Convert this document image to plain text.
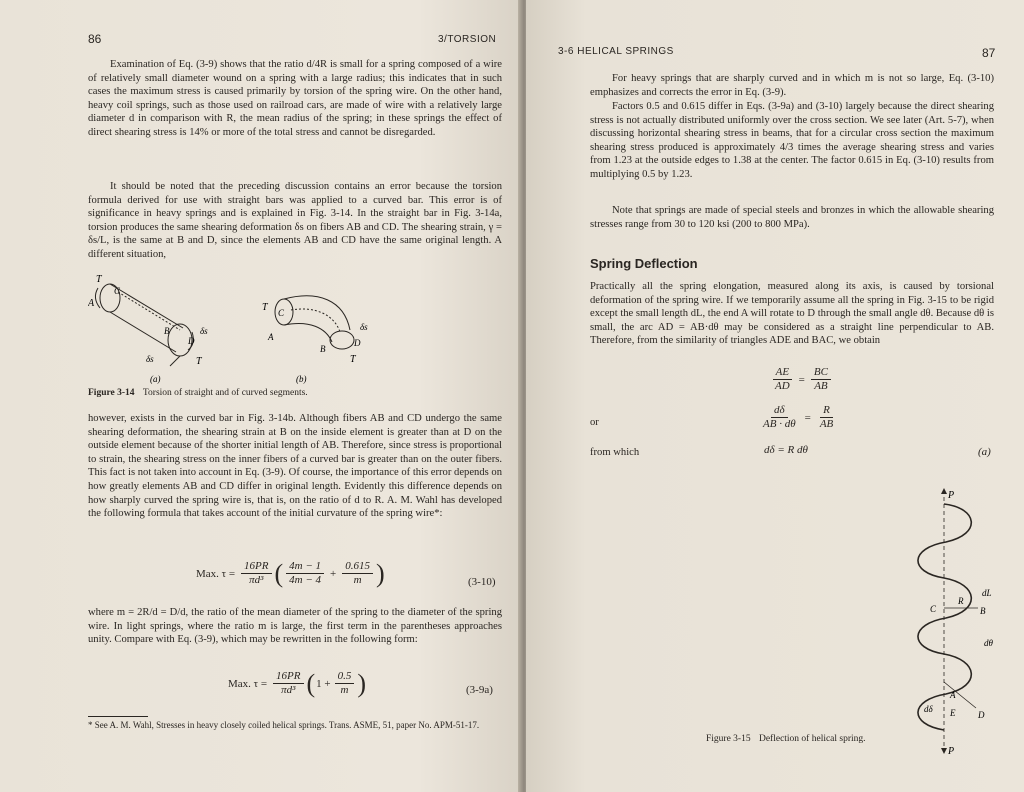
86	3/TORSION

Examination of Eq. (3-9) shows that the ratio d/4R is small for a spring composed of a wire of relatively small diameter wound on a spring with a large radius; this indicates that in such cases the maximum stress is caused primarily by torsion of the spring wire. On the other hand, heavy coil springs, such as those used on railroad cars, are made of wire with a relatively large diameter d in comparison with R, the mean radius of the spring; in these springs the effect of direct shearing stress is 14% or more of the total stress and cannot be disregarded.

It should be noted that the preceding discussion contains an error because the torsion formula derived for use with straight bars was applied to a curved bar. This error is of significance in heavy springs and is explained in Fig. 3-14. In the straight bar in Fig. 3-14a, torsion produces the same shearing deformation δs on fibers AB and CD. The shearing strain, γ = δs/L, is the same at B and D, since the elements AB and CD have the same original length. A different situation,

T
A
C
B
D
T
δs
δs
T C
A
B
D
T
δs
(a)	(b)
Figure 3-14 Torsion of straight and of curved segments.

however, exists in the curved bar in Fig. 3-14b. Although fibers AB and CD undergo the same shearing deformation, the shearing strain at B on the inside element is greater than at D on the outside element because of the shorter initial length of AB. Therefore, since stress is proportional to strain, the shearing stress on the inner fibers of a curved bar is greater than on the outer fibers. This fact is not taken into account in Eq. (3-9). Of course, the importance of this error depends on how greatly elements AB and CD differ in original length. Evidently this difference depends on how sharply curved the spring wire is, that is, on the ratio of d to R. A. M. Wahl has developed the following formula that takes account of the initial curvature of the spring wire*:

Max. $\tau = \frac{16PR}{\text{πd³}}$ ( $\frac{4m - 1}{4m - 4} + \frac{0.615}{m}$ )	(3-10)

where m = 2R/d = D/d, the ratio of the mean diameter of the spring to the diameter of the spring wire. In light springs, where the ratio m is large, the first term in the parentheses approaches unity. Compare with Eq. (3-9), which may be rewritten in the following form:

Max. $\tau = \frac{16PR}{\text{πd³}}$ ( $1 + \frac{0.5}{m}$ )	(3-9a)

* See A. M. Wahl, Stresses in heavy closely coiled helical springs. Trans. ASME, 51, paper No. APM-51-17.

3-6 HELICAL SPRINGS	87

For heavy springs that are sharply curved and in which m is not so large, Eq. (3-10) emphasizes and corrects the error in Eq. (3-9).

Factors 0.5 and 0.615 differ in Eqs. (3-9a) and (3-10) largely because the direct shearing stress is not actually distributed uniformly over the cross section. We see later (Art. 5-7), when discussing horizontal shearing stress in beams, that for a circular cross section the maximum shearing stress produced is approximately 4/3 times the average shearing stress and varies from 1.23 at the outside edges to 1.38 at the center. The factor 0.615 in Eq. (3-10) results from multiplying 0.5 by 1.23.

Note that springs are made of special steels and bronzes in which the allowable shearing stresses range from 30 to 120 ksi (200 to 800 MPa).

Spring Deflection

Practically all the spring elongation, measured along its axis, is caused by torsional deformation of the spring wire. If we temporarily assume all the spring in Fig. 3-15 to be rigid except the small length dL, the end A will rotate to D through the small angle dθ. Because dθ is small, the arc AD = AB·dθ may be considered as a straight line perpendicular to AB. Therefore, from the similarity of triangles ADE and BAC, we obtain

$\frac{AE}{AD} = \frac{BC}{AB}$
or	$\frac{d\delta}{AB \cdot d\theta} = \frac{R}{AB}$
from which	dδ = R dθ	(a)
P
C
R
B
dL
dθ
A
dδ E	D
P
Figure 3-15 Deflection of helical spring.
